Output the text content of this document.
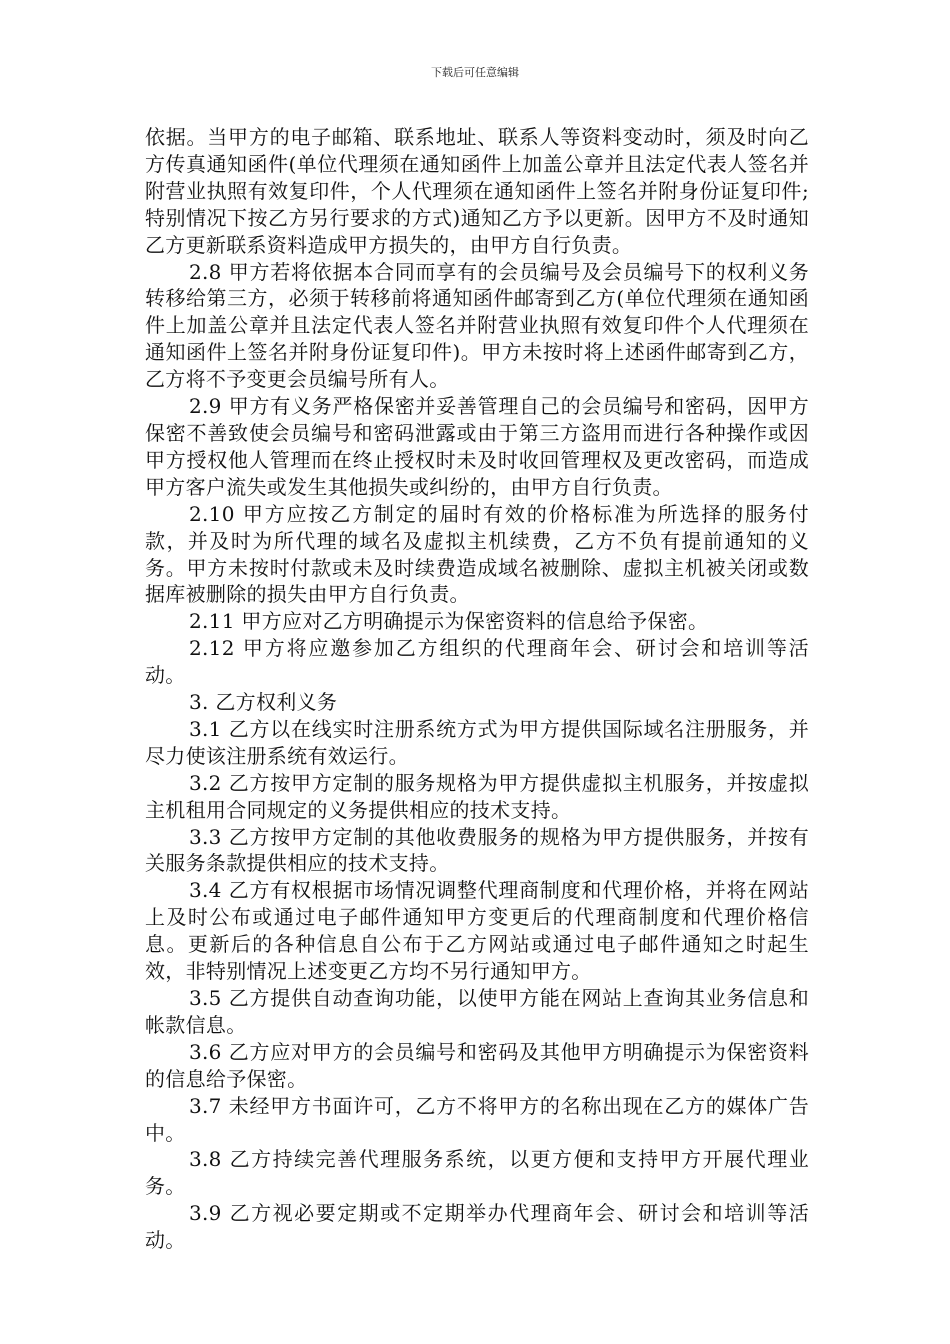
下载后可任意编辑

依据。当甲方的电子邮箱、联系地址、联系人等资料变动时，须及时向乙方传真通知函件(单位代理须在通知函件上加盖公章并且法定代表人签名并附营业执照有效复印件，个人代理须在通知函件上签名并附身份证复印件;特别情况下按乙方另行要求的方式)通知乙方予以更新。因甲方不及时通知乙方更新联系资料造成甲方损失的，由甲方自行负责。

2.8 甲方若将依据本合同而享有的会员编号及会员编号下的权利义务转移给第三方，必须于转移前将通知函件邮寄到乙方(单位代理须在通知函件上加盖公章并且法定代表人签名并附营业执照有效复印件个人代理须在通知函件上签名并附身份证复印件)。甲方未按时将上述函件邮寄到乙方，乙方将不予变更会员编号所有人。

2.9 甲方有义务严格保密并妥善管理自己的会员编号和密码，因甲方保密不善致使会员编号和密码泄露或由于第三方盗用而进行各种操作或因甲方授权他人管理而在终止授权时未及时收回管理权及更改密码，而造成甲方客户流失或发生其他损失或纠纷的，由甲方自行负责。

2.10 甲方应按乙方制定的届时有效的价格标准为所选择的服务付款，并及时为所代理的域名及虚拟主机续费，乙方不负有提前通知的义务。甲方未按时付款或未及时续费造成域名被删除、虚拟主机被关闭或数据库被删除的损失由甲方自行负责。

2.11 甲方应对乙方明确提示为保密资料的信息给予保密。

2.12 甲方将应邀参加乙方组织的代理商年会、研讨会和培训等活动。

3. 乙方权利义务

3.1 乙方以在线实时注册系统方式为甲方提供国际域名注册服务，并尽力使该注册系统有效运行。

3.2 乙方按甲方定制的服务规格为甲方提供虚拟主机服务，并按虚拟主机租用合同规定的义务提供相应的技术支持。

3.3 乙方按甲方定制的其他收费服务的规格为甲方提供服务，并按有关服务条款提供相应的技术支持。

3.4 乙方有权根据市场情况调整代理商制度和代理价格，并将在网站上及时公布或通过电子邮件通知甲方变更后的代理商制度和代理价格信息。更新后的各种信息自公布于乙方网站或通过电子邮件通知之时起生效，非特别情况上述变更乙方均不另行通知甲方。

3.5 乙方提供自动查询功能，以使甲方能在网站上查询其业务信息和帐款信息。

3.6 乙方应对甲方的会员编号和密码及其他甲方明确提示为保密资料的信息给予保密。

3.7 未经甲方书面许可，乙方不将甲方的名称出现在乙方的媒体广告中。

3.8 乙方持续完善代理服务系统，以更方便和支持甲方开展代理业务。

3.9 乙方视必要定期或不定期举办代理商年会、研讨会和培训等活动。
